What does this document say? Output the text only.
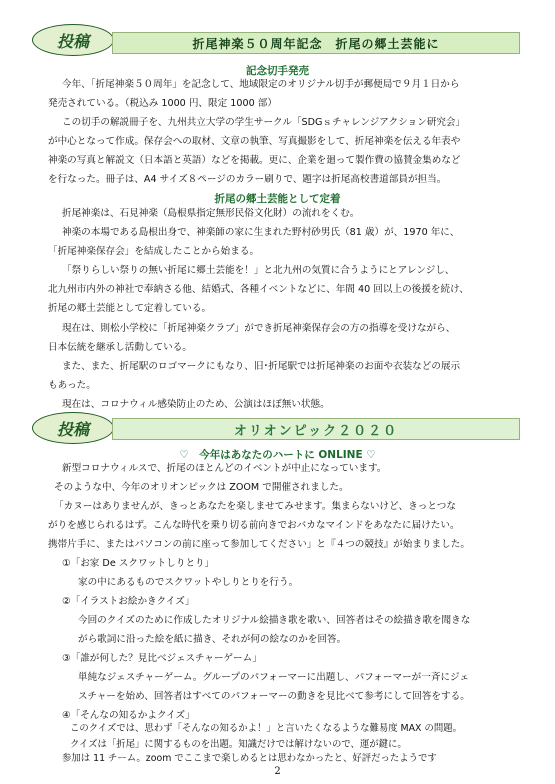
投稿	折尾神楽５０周年記念　折尾の郷土芸能に
記念切手発売

今年、「折尾神楽５０周年」を記念して、地域限定のオリジナル切手が郵便局で９月１日から

発売されている。（税込み 1000 円、限定 1000 部）

この切手の解説冊子を、九州共立大学の学生サークル「SDGｓチャレンジアクション研究会」

が中心となって作成。保存会への取材、文章の執筆、写真撮影をして、折尾神楽を伝える年表や

神楽の写真と解説文（日本語と英語）などを掲載。更に、企業を廻って製作費の協賛金集めなど

を行なった。冊子は、A4 サイズ８ページのカラー刷りで、題字は折尾高校書道部員が担当。

折尾の郷土芸能として定着

折尾神楽は、石見神楽（島根県指定無形民俗文化財）の流れをくむ。

神楽の本場である島根出身で、神楽師の家に生まれた野村砂男氏（81 歳）が、1970 年に、

「折尾神楽保存会」を結成したことから始まる。

「祭りらしい祭りの無い折尾に郷土芸能を！」と北九州の気質に合うようにとアレンジし、

北九州市内外の神社で奉納さる他、結婚式、各種イベントなどに、年間 40 回以上の後援を続け、

折尾の郷土芸能として定着している。

現在は、則松小学校に「折尾神楽クラブ」ができ折尾神楽保存会の方の指導を受けながら、

日本伝統を継承し活動している。

また、また、折尾駅のロゴマークにもなり、旧･折尾駅では折尾神楽のお面や衣装などの展示

もあった。

現在は、コロナウィル感染防止のため、公演はほぼ無い状態。

投稿	オリオンピック２０２０
♡　今年はあなたのハートに ONLINE ♡

新型コロナウィルスで、折尾のほとんどのイベントが中止になっています。

そのような中、今年のオリオンピックは ZOOM で開催されました。

「カヌーはありませんが、きっとあなたを楽しませてみせます。集まらないけど、きっとつな

がりを感じられるはず。こんな時代を乗り切る前向きでおバカなマインドをあなたに届けたい。

携帯片手に、またはパソコンの前に座って参加してください」と『４つの競技』が始まりました。

①「お家 De スクワットしりとり」

家の中にあるものでスクワットやしりとりを行う。

②「イラストお絵かきクイズ」

今回のクイズのために作成したオリジナル絵描き歌を歌い、回答者はその絵描き歌を聞きな

がら歌詞に沿った絵を紙に描き、それが何の絵なのかを回答。

③「誰が何した？見比べジェスチャーゲーム」

単純なジェスチャーゲーム。グループのパフォーマーに出題し、パフォーマーが一斉にジェ

スチャーを始め、回答者はすべてのパフォーマーの動きを見比べて参考にして回答をする。

④「そんなの知るかよクイズ」

このクイズでは、思わず「そんなの知るかよ！」と言いたくなるような難易度 MAX の問題。

クイズは「折尾」に関するものを出題。知識だけでは解けないので、運が鍵に。

参加は 11 チーム。zoom でここまで楽しめるとは思わなかったと、好評だったようです

2
